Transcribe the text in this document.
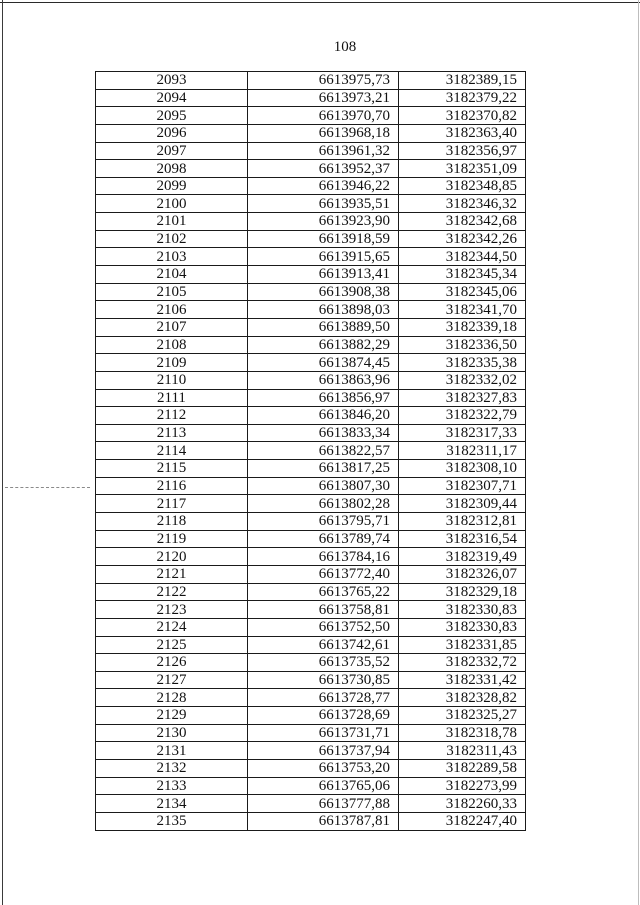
108
2093	6613975,73	3182389,15
2094	6613973,21	3182379,22
2095	6613970,70	3182370,82
2096	6613968,18	3182363,40
2097	6613961,32	3182356,97
2098	6613952,37	3182351,09
2099	6613946,22	3182348,85
2100	6613935,51	3182346,32
2101	6613923,90	3182342,68
2102	6613918,59	3182342,26
2103	6613915,65	3182344,50
2104	6613913,41	3182345,34
2105	6613908,38	3182345,06
2106	6613898,03	3182341,70
2107	6613889,50	3182339,18
2108	6613882,29	3182336,50
2109	6613874,45	3182335,38
2110	6613863,96	3182332,02
2111	6613856,97	3182327,83
2112	6613846,20	3182322,79
2113	6613833,34	3182317,33
2114	6613822,57	3182311,17
2115	6613817,25	3182308,10
2116	6613807,30	3182307,71
2117	6613802,28	3182309,44
2118	6613795,71	3182312,81
2119	6613789,74	3182316,54
2120	6613784,16	3182319,49
2121	6613772,40	3182326,07
2122	6613765,22	3182329,18
2123	6613758,81	3182330,83
2124	6613752,50	3182330,83
2125	6613742,61	3182331,85
2126	6613735,52	3182332,72
2127	6613730,85	3182331,42
2128	6613728,77	3182328,82
2129	6613728,69	3182325,27
2130	6613731,71	3182318,78
2131	6613737,94	3182311,43
2132	6613753,20	3182289,58
2133	6613765,06	3182273,99
2134	6613777,88	3182260,33
2135	6613787,81	3182247,40
